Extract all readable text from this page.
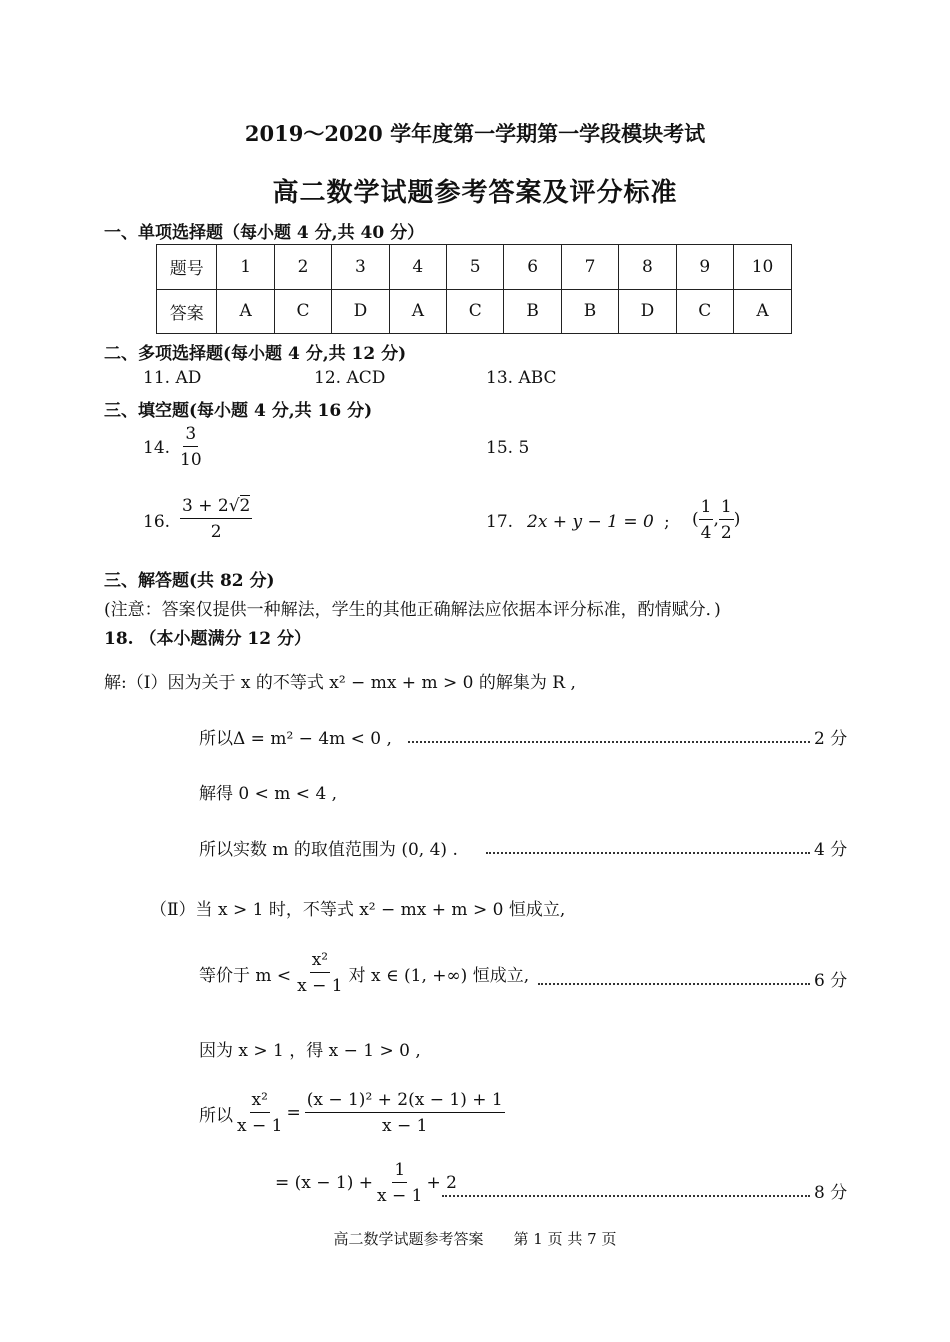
2019～2020 学年度第一学期第一学段模块考试
高二数学试题参考答案及评分标准
一、单项选择题（每小题 4 分,共 40 分）
题号	1	2	3	4	5	6	7	8	9	10
答案	A	C	D	A	C	B	B	D	C	A
二、多项选择题(每小题 4 分,共 12 分)
11. AD	12. ACD	13. ABC
三、填空题(每小题 4 分,共 16 分)
14. $\frac{3}{10}$	15. 5
16. $\frac{3 + 2√2}{2}$	17. 2x + y − 1 = 0 ; ( $\frac{1}{4}$ , $\frac{1}{2}$ )
三、解答题(共 82 分)
(注意：答案仅提供一种解法，学生的其他正确解法应依据本评分标准，酌情赋分．)
18. （本小题满分 12 分）
解:（Ⅰ）因为关于 x 的不等式 x² − mx + m > 0 的解集为 R ,
所以Δ = m² − 4m < 0 ,	2 分
解得 0 < m < 4 ,
所以实数 m 的取值范围为 (0, 4) .	4 分
（Ⅱ）当 x > 1 时，不等式 x² − mx + m > 0 恒成立,
等价于 $m < \frac{\text{x²}}{x - 1}$ 对 x ∈ (1, +∞) 恒成立,	6 分
因为 x > 1 ，得 x − 1 > 0 ,
所以 $\frac{\text{x²}}{x - 1} = \frac{\text{(x − 1)² + 2(x − 1) + 1}}{x - 1}$
= $(x - 1) + \frac{1}{x - 1} + 2$	8 分
高二数学试题参考答案　　第 1 页 共 7 页
